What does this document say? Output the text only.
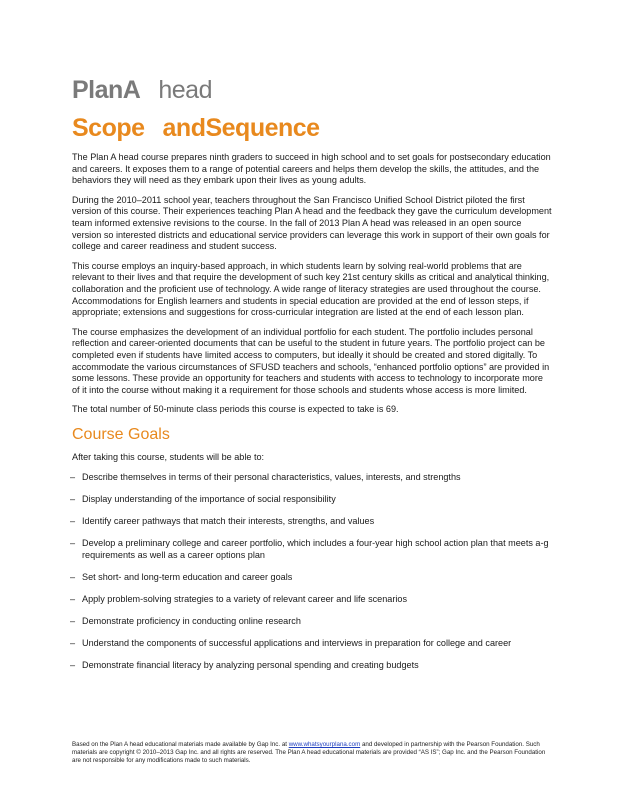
PlanA head
Scope andSequence

The Plan A head course prepares ninth graders to succeed in high school and to set goals for postsecondary education and careers. It exposes them to a range of potential careers and helps them develop the skills, the attitudes, and the behaviors they will need as they embark upon their lives as young adults.

During the 2010–2011 school year, teachers throughout the San Francisco Unified School District piloted the first version of this course. Their experiences teaching Plan A head and the feedback they gave the curriculum development team informed extensive revisions to the course. In the fall of 2013 Plan A head was released in an open source version so interested districts and educational service providers can leverage this work in support of their own goals for college and career readiness and student success.

This course employs an inquiry-based approach, in which students learn by solving real-world problems that are relevant to their lives and that require the development of such key 21st century skills as critical and analytical thinking, collaboration and the proficient use of technology. A wide range of literacy strategies are used throughout the course. Accommodations for English learners and students in special education are provided at the end of lesson steps, if appropriate; extensions and suggestions for cross-curricular integration are listed at the end of each lesson plan.

The course emphasizes the development of an individual portfolio for each student. The portfolio includes personal reflection and career-oriented documents that can be useful to the student in future years. The portfolio project can be completed even if students have limited access to computers, but ideally it should be created and stored digitally. To accommodate the various circumstances of SFUSD teachers and schools, “enhanced portfolio options” are provided in some lessons. These provide an opportunity for teachers and students with access to technology to incorporate more of it into the course without making it a requirement for those schools and students whose access is more limited.

The total number of 50-minute class periods this course is expected to take is 69.

Course Goals

After taking this course, students will be able to:

– Describe themselves in terms of their personal characteristics, values, interests, and strengths
– Display understanding of the importance of social responsibility
– Identify career pathways that match their interests, strengths, and values
– Develop a preliminary college and career portfolio, which includes a four-year high school action plan that meets a-g requirements as well as a career options plan
– Set short- and long-term education and career goals
– Apply problem-solving strategies to a variety of relevant career and life scenarios
– Demonstrate proficiency in conducting online research
– Understand the components of successful applications and interviews in preparation for college and career
– Demonstrate financial literacy by analyzing personal spending and creating budgets
Based on the Plan A head educational materials made available by Gap Inc. at www.whatsyourplana.com and developed in partnership with the Pearson Foundation. Such materials are copyright © 2010–2013 Gap Inc. and all rights are reserved. The Plan A head educational materials are provided “AS IS”; Gap Inc. and the Pearson Foundation are not responsible for any modifications made to such materials.
